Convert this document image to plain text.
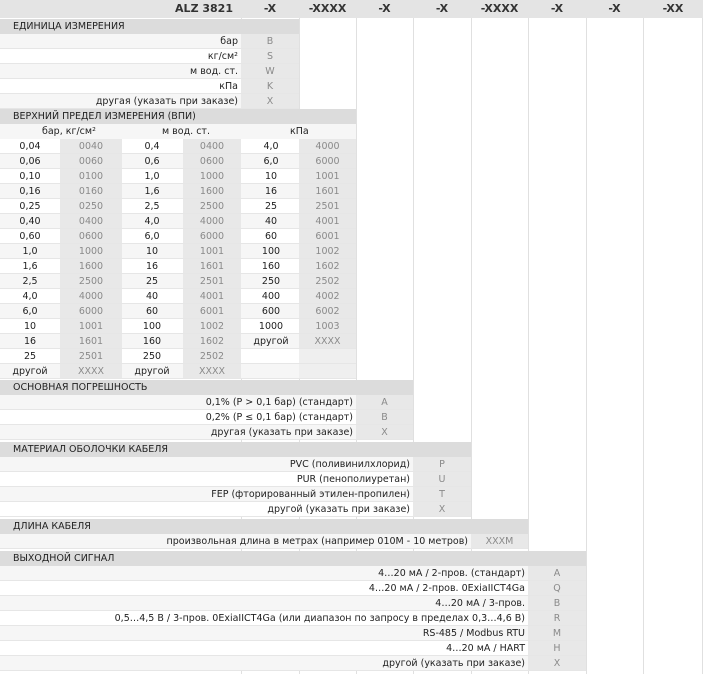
ALZ 3821	-X	-XXXX	-X	-X	-XXXX	-X	-X	-XX
ЕДИНИЦА ИЗМЕРЕНИЯ
бар	B
кг/см²	S
м вод. ст.	W
кПа	K
другая (указать при заказе)	X
ВЕРХНИЙ ПРЕДЕЛ ИЗМЕРЕНИЯ (ВПИ)
бар, кг/см²	м вод. ст.	кПа
0,04	0040	0,4	0400	4,0	4000
0,06	0060	0,6	0600	6,0	6000
0,10	0100	1,0	1000	10	1001
0,16	0160	1,6	1600	16	1601
0,25	0250	2,5	2500	25	2501
0,40	0400	4,0	4000	40	4001
0,60	0600	6,0	6000	60	6001
1,0	1000	10	1001	100	1002
1,6	1600	16	1601	160	1602
2,5	2500	25	2501	250	2502
4,0	4000	40	4001	400	4002
6,0	6000	60	6001	600	6002
10	1001	100	1002	1000	1003
16	1601	160	1602	другой	XXXX
25	2501	250	2502
другой	XXXX	другой	XXXX
ОСНОВНАЯ ПОГРЕШНОСТЬ
0,1% (P > 0,1 бар) (стандарт)	A
0,2% (P ≤ 0,1 бар) (стандарт)	B
другая (указать при заказе)	X
МАТЕРИАЛ ОБОЛОЧКИ КАБЕЛЯ
PVC (поливинилхлорид)	P
PUR (пенополиуретан)	U
FEP (фторированный этилен-пропилен)	T
другой (указать при заказе)	X
ДЛИНА КАБЕЛЯ
произвольная длина в метрах (например 010М - 10 метров)	XXXM
ВЫХОДНОЙ СИГНАЛ
4…20 мА / 2-пров. (стандарт)	A
4…20 мА / 2-пров. 0ExiaIICT4Ga	Q
4…20 мА / 3-пров.	B
0,5…4,5 В / 3-пров. 0ExiaIICT4Ga (или диапазон по запросу в пределах 0,3…4,6 В)	R
RS-485 / Modbus RTU	M
4…20 мА / HART	H
другой (указать при заказе)	X
